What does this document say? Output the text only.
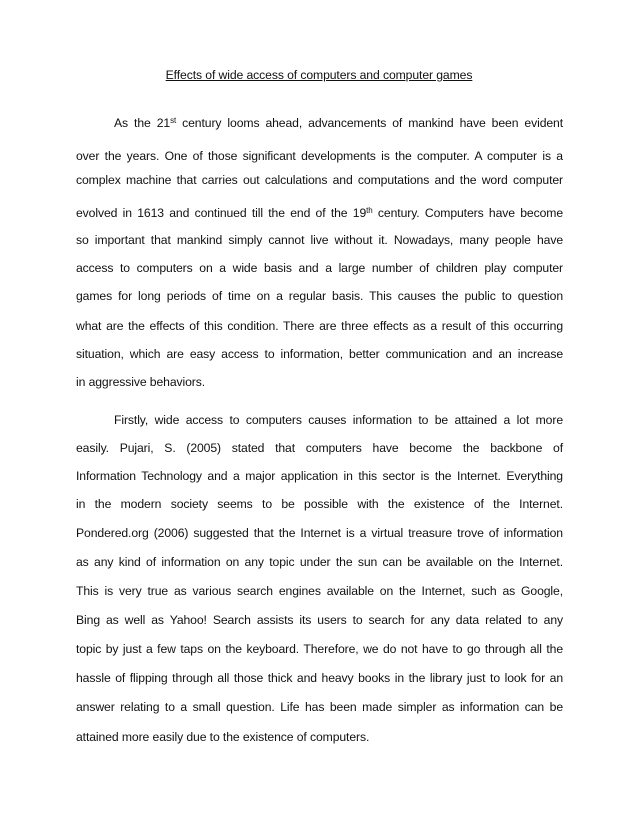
Effects of wide access of computers and computer games
As the 21st century looms ahead, advancements of mankind have been evident
over the years. One of those significant developments is the computer. A computer is a
complex machine that carries out calculations and computations and the word computer
evolved in 1613 and continued till the end of the 19th century. Computers have become
so important that mankind simply cannot live without it. Nowadays, many people have
access to computers on a wide basis and a large number of children play computer
games for long periods of time on a regular basis. This causes the public to question
what are the effects of this condition. There are three effects as a result of this occurring
situation, which are easy access to information, better communication and an increase
in aggressive behaviors.
Firstly, wide access to computers causes information to be attained a lot more
easily. Pujari, S. (2005) stated that computers have become the backbone of
Information Technology and a major application in this sector is the Internet. Everything
in the modern society seems to be possible with the existence of the Internet.
Pondered.org (2006) suggested that the Internet is a virtual treasure trove of information
as any kind of information on any topic under the sun can be available on the Internet.
This is very true as various search engines available on the Internet, such as Google,
Bing as well as Yahoo! Search assists its users to search for any data related to any
topic by just a few taps on the keyboard. Therefore, we do not have to go through all the
hassle of flipping through all those thick and heavy books in the library just to look for an
answer relating to a small question. Life has been made simpler as information can be
attained more easily due to the existence of computers.
